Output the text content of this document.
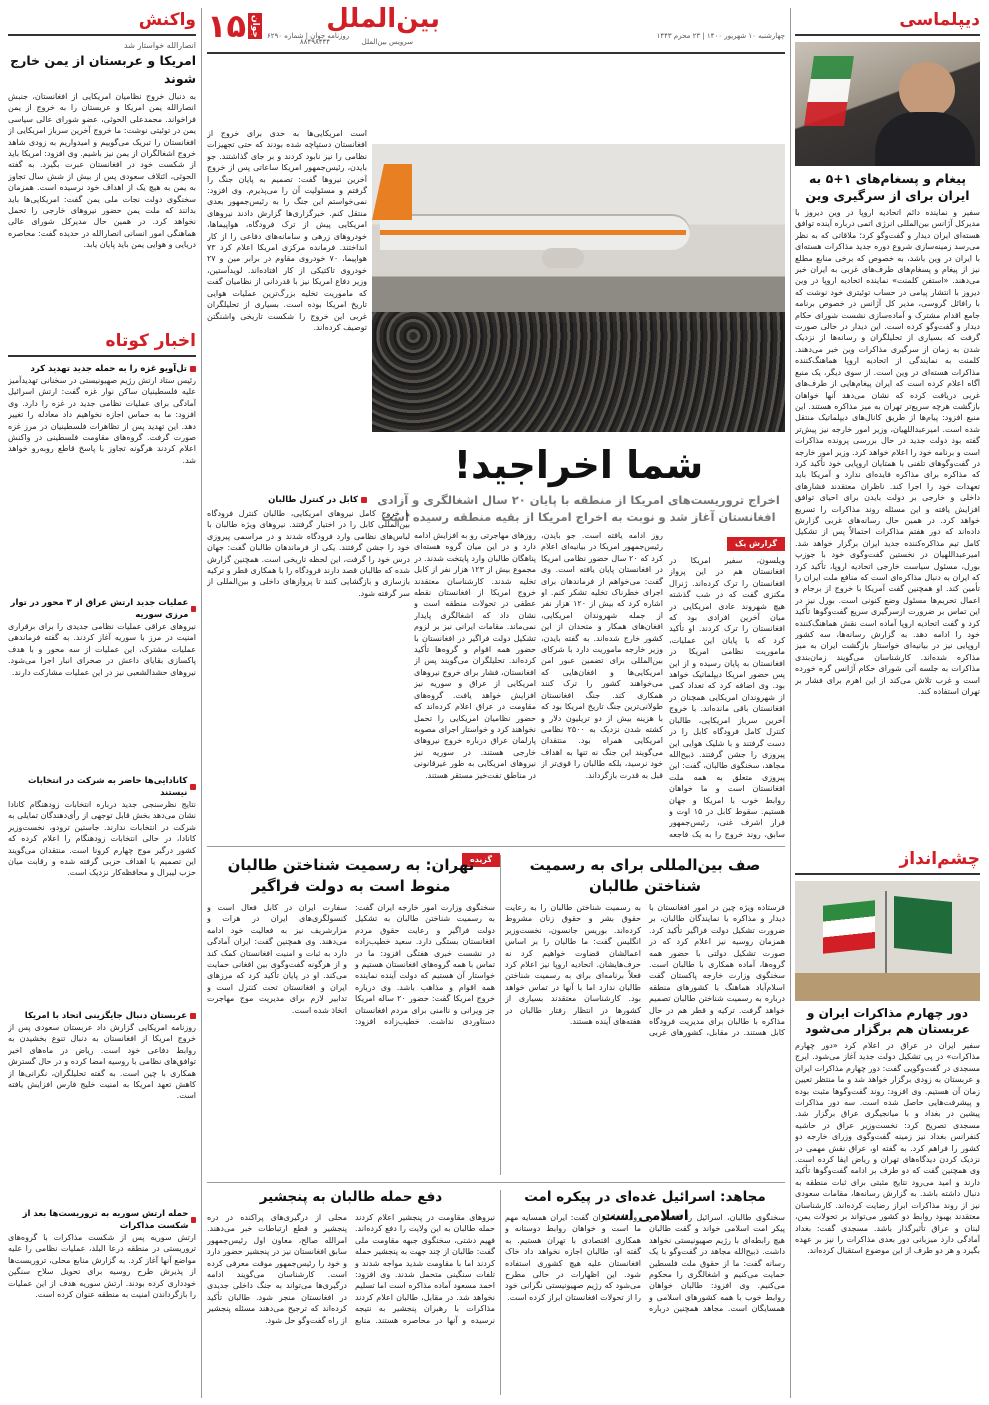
دیپلماسی
پیغام و پسغام‌های ۱+۵ به ایران برای از سرگیری وین
سفیر و نماینده دائم اتحادیه اروپا در وین دیروز با مدیرکل آژانس بین‌المللی انرژی اتمی درباره آینده توافق هسته‌ای ایران دیدار و گفت‌وگو کرد؛ ملاقاتی که به نظر می‌رسد زمینه‌سازی شروع دوره جدید مذاکرات هسته‌ای با ایران در وین باشد، به خصوص که برخی منابع مطلع نیز از پیغام و پسغام‌های طرف‌های غربی به ایران خبر می‌دهند. «استفن کلمنت» نماینده اتحادیه اروپا در وین دیروز با انتشار پیامی در حساب توئیتری خود نوشت که با رافائل گروسی، مدیر کل آژانس در خصوص برنامه جامع اقدام مشترک و آماده‌سازی نشست شورای حکام دیدار و گفت‌وگو کرده است. این دیدار در حالی صورت گرفت که بسیاری از تحلیلگران و رسانه‌ها از نزدیک شدن به زمان از سرگیری مذاکرات وین خبر می‌دهند. کلمنت به نمایندگی از اتحادیه اروپا هماهنگ‌کننده مذاکرات هسته‌ای در وین است. از سوی دیگر، یک منبع آگاه اعلام کرده است که ایران پیغام‌هایی از طرف‌های غربی دریافت کرده که نشان می‌دهد آنها خواهان بازگشت هرچه سریع‌تر تهران به میز مذاکره هستند. این منبع افزود: پیام‌ها از طریق کانال‌های دیپلماتیک منتقل شده است. امیرعبداللهیان، وزیر امور خارجه نیز پیش‌تر گفته بود دولت جدید در حال بررسی پرونده مذاکرات است و برنامه خود را اعلام خواهد کرد. وزیر امور خارجه در گفت‌وگوهای تلفنی با همتایان اروپایی خود تأکید کرد که مذاکره برای مذاکره فایده‌ای ندارد و آمریکا باید تعهدات خود را اجرا کند. ناظران معتقدند فشارهای داخلی و خارجی بر دولت بایدن برای احیای توافق افزایش یافته و این مسئله روند مذاکرات را تسریع خواهد کرد. در همین حال رسانه‌های غربی گزارش داده‌اند که دور هفتم مذاکرات احتمالاً پس از تشکیل کامل تیم مذاکره‌کننده جدید ایران برگزار خواهد شد. امیرعبداللهیان در نخستین گفت‌وگوی خود با جوزپ بورل، مسئول سیاست خارجی اتحادیه اروپا، تأکید کرد که ایران به دنبال مذاکره‌ای است که منافع ملت ایران را تأمین کند. او همچنین گفت آمریکا با خروج از برجام و اعمال تحریم‌ها مسئول وضع کنونی است. بورل نیز در این تماس بر ضرورت ازسرگیری سریع گفت‌وگوها تأکید کرد و گفت اتحادیه اروپا آماده است نقش هماهنگ‌کننده خود را ادامه دهد. به گزارش رسانه‌ها، سه کشور اروپایی نیز در بیانیه‌ای خواستار بازگشت ایران به میز مذاکره شده‌اند. کارشناسان می‌گویند زمان‌بندی مذاکرات به جلسه آتی شورای حکام آژانس گره خورده است و غرب تلاش می‌کند از این اهرم برای فشار بر تهران استفاده کند.
چشم‌انداز
دور چهارم مذاکرات ایران و عربستان هم برگزار می‌شود
سفیر ایران در عراق در اعلام کرد «دور چهارم مذاکرات» در پی تشکیل دولت جدید آغاز می‌شود. ایرج مسجدی در گفت‌وگویی گفت: دور چهارم مذاکرات ایران و عربستان به زودی برگزار خواهد شد و ما منتظر تعیین زمان آن هستیم. وی افزود: روند گفت‌وگوها مثبت بوده و پیشرفت‌هایی حاصل شده است. سه دور مذاکرات پیشین در بغداد و با میانجیگری عراق برگزار شد. مسجدی تصریح کرد: نخست‌وزیر عراق در حاشیه کنفرانس بغداد نیز زمینه گفت‌وگوی وزرای خارجه دو کشور را فراهم کرد. به گفته او، عراق نقش مهمی در نزدیک کردن دیدگاه‌های تهران و ریاض ایفا کرده است. وی همچنین گفت که دو طرف بر ادامه گفت‌وگوها تأکید دارند و امید می‌رود نتایج مثبتی برای ثبات منطقه به دنبال داشته باشد. به گزارش رسانه‌ها، مقامات سعودی نیز از روند مذاکرات ابراز رضایت کرده‌اند. کارشناسان معتقدند بهبود روابط دو کشور می‌تواند بر تحولات یمن، لبنان و عراق تأثیرگذار باشد. مسجدی گفت: بغداد آمادگی دارد میزبانی دور بعدی مذاکرات را نیز بر عهده بگیرد و هر دو طرف از این موضوع استقبال کرده‌اند.
بین‌الملل
سرویس بین‌الملل
۸۸۴۹۸۴۴۴
چهارشنبه ۱۰ شهریور ۱۴۰۰ | ۲۳ محرم ۱۴۴۳
روزنامه جوان | شماره ۶۲۹۰
۱۵ جوان
شما اخراجید!
اخراج تروریست‌های امریکا از منطقه با پایان ۲۰ سال اشغالگری و آزادی افغانستان آغاز شد و نوبت به اخراج امریکا از بقیه منطقه رسیده است
گزارش یک
ویلسون، سفیر امریکا در افغانستان هم در این پرواز افغانستان را ترک کرده‌اند. ژنرال مکنزی گفت که در شب گذشته هیچ شهروند عادی امریکایی در میان آخرین افرادی بود که افغانستان را ترک کردند. او تأکید کرد که با پایان این عملیات، ماموریت نظامی امریکا در افغانستان به پایان رسیده و از این پس حضور امریکا دیپلماتیک خواهد بود. وی اضافه کرد که تعداد کمی از شهروندان امریکایی همچنان در افغانستان باقی مانده‌اند. با خروج آخرین سرباز امریکایی، طالبان کنترل کامل فرودگاه کابل را در دست گرفتند و با شلیک هوایی این پیروزی را جشن گرفتند. ذبیح‌الله مجاهد، سخنگوی طالبان، گفت: این پیروزی متعلق به همه ملت افغانستان است و ما خواهان روابط خوب با امریکا و جهان هستیم. سقوط کابل در ۱۵ اوت و فرار اشرف غنی، رئیس‌جمهور سابق، روند خروج را به یک فاجعه
روز ادامه یافته است. جو بایدن، رئیس‌جمهور امریکا در بیانیه‌ای اعلام کرد که ۲۰ سال حضور نظامی امریکا در افغانستان پایان یافته است. وی گفت: می‌خواهم از فرماندهان برای اجرای خطرناک تخلیه تشکر کنم. او اشاره کرد که بیش از ۱۲۰ هزار نفر از جمله شهروندان امریکایی، افغان‌های همکار و متحدان از این کشور خارج شده‌اند. به گفته بایدن، وزیر خارجه ماموریت دارد با شرکای بین‌المللی برای تضمین عبور امن امریکایی‌ها و افغان‌هایی که می‌خواهند کشور را ترک کنند همکاری کند. جنگ افغانستان طولانی‌ترین جنگ تاریخ امریکا بود که با هزینه بیش از دو تریلیون دلار و کشته شدن نزدیک به ۲۵۰۰ نظامی امریکایی همراه بود. منتقدان می‌گویند این جنگ نه تنها به اهداف خود نرسید، بلکه طالبان را قوی‌تر از قبل به قدرت بازگرداند.
روزهای مهاجرتی رو به افزایش ادامه دارد و در این میان گروه هسته‌ای پناهگان طالبان وارد پایتخت شدند. در مجموع بیش از ۱۲۳ هزار نفر از کابل تخلیه شدند. کارشناسان معتقدند خروج امریکا از افغانستان نقطه عطفی در تحولات منطقه است و نشان داد که اشغالگری پایدار نمی‌ماند. مقامات ایرانی نیز بر لزوم تشکیل دولت فراگیر در افغانستان با حضور همه اقوام و گروه‌ها تأکید کرده‌اند. تحلیلگران می‌گویند پس از افغانستان، فشار برای خروج نیروهای امریکایی از عراق و سوریه نیز افزایش خواهد یافت. گروه‌های مقاومت در عراق اعلام کرده‌اند که حضور نظامیان امریکایی را تحمل نخواهند کرد و خواستار اجرای مصوبه پارلمان عراق درباره خروج نیروهای خارجی هستند. در سوریه نیز نیروهای امریکایی به طور غیرقانونی در مناطق نفت‌خیز مستقر هستند.
است امریکایی‌ها به حدی برای خروج از افغانستان دستپاچه شده بودند که حتی تجهیزات نظامی را نیز نابود کردند و بر جای گذاشتند. جو بایدن، رئیس‌جمهور امریکا ساعاتی پس از خروج آخرین نیروها گفت: تصمیم به پایان جنگ را گرفتم و مسئولیت آن را می‌پذیرم. وی افزود: نمی‌خواستم این جنگ را به رئیس‌جمهور بعدی منتقل کنم. خبرگزاری‌ها گزارش دادند نیروهای امریکایی پیش از ترک فرودگاه، هواپیماها، خودروهای زرهی و سامانه‌های دفاعی را از کار انداختند. فرمانده مرکزی امریکا اعلام کرد ۷۳ هواپیما، ۷۰ خودروی مقاوم در برابر مین و ۲۷ خودروی تاکتیکی از کار افتاده‌اند. لویدآستین، وزیر دفاع امریکا نیز با قدردانی از نظامیان گفت که ماموریت تخلیه بزرگ‌ترین عملیات هوایی تاریخ امریکا بوده است. بسیاری از تحلیلگران غربی این خروج را شکست تاریخی واشنگتن توصیف کرده‌اند.
کابل در کنترل طالبان
با خروج کامل نیروهای امریکایی، طالبان کنترل فرودگاه بین‌المللی کابل را در اختیار گرفتند. نیروهای ویژه طالبان با لباس‌های نظامی وارد فرودگاه شدند و در مراسمی پیروزی خود را جشن گرفتند. یکی از فرماندهان طالبان گفت: جهان درس خود را گرفت، این لحظه تاریخی است. همچنین گزارش شده که طالبان قصد دارند فرودگاه را با همکاری قطر و ترکیه بازسازی و بازگشایی کنند تا پروازهای داخلی و بین‌المللی از سر گرفته شود.
صف بین‌المللی برای به رسمیت شناختن طالبان
فرستاده ویژه چین در امور افغانستان با دیدار و مذاکره با نمایندگان طالبان، بر ضرورت تشکیل دولت فراگیر تأکید کرد. همزمان روسیه نیز اعلام کرد که در صورت تشکیل دولتی با حضور همه گروه‌ها، آماده همکاری با طالبان است. سخنگوی وزارت خارجه پاکستان گفت اسلام‌آباد هماهنگ با کشورهای منطقه درباره به رسمیت شناختن طالبان تصمیم خواهد گرفت. ترکیه و قطر هم در حال مذاکره با طالبان برای مدیریت فرودگاه کابل هستند. در مقابل، کشورهای غربی به رسمیت شناختن طالبان را به رعایت حقوق بشر و حقوق زنان مشروط کرده‌اند. بوریس جانسون، نخست‌وزیر انگلیس گفت: ما طالبان را بر اساس اعمالشان قضاوت خواهیم کرد نه حرف‌هایشان. اتحادیه اروپا نیز اعلام کرد فعلاً برنامه‌ای برای به رسمیت شناختن طالبان ندارد اما با آنها در تماس خواهد بود. کارشناسان معتقدند بسیاری از کشورها در انتظار رفتار طالبان در هفته‌های آینده هستند.
گزیده
تهران: به رسمیت شناختن طالبان منوط است به دولت فراگیر
سخنگوی وزارت امور خارجه ایران گفت: به رسمیت شناختن طالبان به تشکیل دولت فراگیر و رعایت حقوق مردم افغانستان بستگی دارد. سعید خطیب‌زاده در نشست خبری هفتگی افزود: ما در تماس با همه گروه‌های افغانستان هستیم و خواستار آن هستیم که دولت آینده نماینده همه اقوام و مذاهب باشد. وی درباره خروج امریکا گفت: حضور ۲۰ ساله امریکا جز ویرانی و ناامنی برای مردم افغانستان دستاوردی نداشت. خطیب‌زاده افزود: سفارت ایران در کابل فعال است و کنسولگری‌های ایران در هرات و مزارشریف نیز به فعالیت خود ادامه می‌دهند. وی همچنین گفت: ایران آمادگی دارد به ثبات و امنیت افغانستان کمک کند و از هرگونه گفت‌وگوی بین افغانی حمایت می‌کند. او در پایان تأکید کرد که مرزهای ایران و افغانستان تحت کنترل است و تدابیر لازم برای مدیریت موج مهاجرت اتخاذ شده است.
مجاهد: اسرائیل غده‌ای در پیکره امت اسلامی است
سخنگوی طالبان، اسرائیل را غده‌ای در پیکر امت اسلامی خواند و گفت طالبان هیچ رابطه‌ای با رژیم صهیونیستی نخواهد داشت. ذبیح‌الله مجاهد در گفت‌وگو با یک رسانه گفت: ما از حقوق ملت فلسطین حمایت می‌کنیم و اشغالگری را محکوم می‌کنیم. وی افزود: طالبان خواهان روابط خوب با همه کشورهای اسلامی و همسایگان است. مجاهد همچنین درباره روابط با ایران گفت: ایران همسایه مهم ما است و خواهان روابط دوستانه و همکاری اقتصادی با تهران هستیم. به گفته او، طالبان اجازه نخواهد داد خاک افغانستان علیه هیچ کشوری استفاده شود. این اظهارات در حالی مطرح می‌شود که رژیم صهیونیستی نگرانی خود را از تحولات افغانستان ابراز کرده است.
دفع حمله طالبان به پنجشیر
نیروهای مقاومت در پنجشیر اعلام کردند حمله طالبان به این ولایت را دفع کرده‌اند. فهیم دشتی، سخنگوی جبهه مقاومت ملی گفت: طالبان از چند جهت به پنجشیر حمله کردند اما با مقاومت شدید مواجه شدند و تلفات سنگینی متحمل شدند. وی افزود: احمد مسعود آماده مذاکره است اما تسلیم نخواهد شد. در مقابل، طالبان اعلام کردند مذاکرات با رهبران پنجشیر به نتیجه نرسیده و آنها در محاصره هستند. منابع محلی از درگیری‌های پراکنده در دره پنجشیر و قطع ارتباطات خبر می‌دهند. امرالله صالح، معاون اول رئیس‌جمهور سابق افغانستان نیز در پنجشیر حضور دارد و خود را رئیس‌جمهور موقت معرفی کرده است. کارشناسان می‌گویند ادامه درگیری‌ها می‌تواند به جنگ داخلی جدیدی در افغانستان منجر شود. طالبان تأکید کرده‌اند که ترجیح می‌دهند مسئله پنجشیر از راه گفت‌وگو حل شود.
واکنش
انصارالله خواستار شد
امریکا و عربستان از یمن خارج شوند
به دنبال خروج نظامیان امریکایی از افغانستان، جنبش انصارالله یمن امریکا و عربستان را به خروج از یمن فراخواند. محمدعلی الحوثی، عضو شورای عالی سیاسی یمن در توئیتی نوشت: ما خروج آخرین سرباز امریکایی از افغانستان را تبریک می‌گوییم و امیدواریم به زودی شاهد خروج اشغالگران از یمن نیز باشیم. وی افزود: امریکا باید از شکست خود در افغانستان عبرت بگیرد. به گفته الحوثی، ائتلاف سعودی پس از بیش از شش سال تجاوز به یمن به هیچ یک از اهداف خود نرسیده است. همزمان سخنگوی دولت نجات ملی یمن گفت: امریکایی‌ها باید بدانند که ملت یمن حضور نیروهای خارجی را تحمل نخواهد کرد. در همین حال مدیرکل شورای عالی هماهنگی امور انسانی انصارالله در حدیده گفت: محاصره دریایی و هوایی یمن باید پایان یابد.
اخبار کوتاه
تل‌آویو غزه را به حمله جدید تهدید کرد
رئیس ستاد ارتش رژیم صهیونیستی در سخنانی تهدیدآمیز علیه فلسطینیان ساکن نوار غزه گفت: ارتش اسرائیل آمادگی برای عملیات نظامی جدید در غزه را دارد. وی افزود: ما به حماس اجازه نخواهیم داد معادله را تغییر دهد. این تهدید پس از تظاهرات فلسطینیان در مرز غزه صورت گرفت. گروه‌های مقاومت فلسطینی در واکنش اعلام کردند هرگونه تجاوز با پاسخ قاطع روبه‌رو خواهد شد.
عملیات جدید ارتش عراق از ۳ محور در تو‌ار مرزی سوریه
نیروهای عراقی عملیات نظامی جدیدی را برای برقراری امنیت در مرز با سوریه آغاز کردند. به گفته فرماندهی عملیات مشترک، این عملیات از سه محور و با هدف پاکسازی بقایای داعش در صحرای انبار اجرا می‌شود. نیروهای حشدالشعبی نیز در این عملیات مشارکت دارند.
کانادایی‌ها حاضر به شرکت در انتخابات نیستند
نتایج نظرسنجی جدید درباره انتخابات زودهنگام کانادا نشان می‌دهد بخش قابل توجهی از رأی‌دهندگان تمایلی به شرکت در انتخابات ندارند. جاستین ترودو، نخست‌وزیر کانادا، در حالی انتخابات زودهنگام را اعلام کرده که کشور درگیر موج چهارم کرونا است. منتقدان می‌گویند این تصمیم با اهداف حزبی گرفته شده و رقابت میان حزب لیبرال و محافظه‌کار نزدیک است.
عربستان دنبال جایگزینی اتحاد با امریکا
روزنامه امریکایی گزارش داد عربستان سعودی پس از خروج امریکا از افغانستان به دنبال تنوع بخشیدن به روابط دفاعی خود است. ریاض در ماه‌های اخیر توافق‌های نظامی با روسیه امضا کرده و در حال گسترش همکاری با چین است. به گفته تحلیلگران، نگرانی‌ها از کاهش تعهد امریکا به امنیت خلیج فارس افزایش یافته است.
حمله ارتش سوریه به تروریست‌ها بعد از شکست مذاکرات
ارتش سوریه پس از شکست مذاکرات با گروه‌های تروریستی در منطقه درعا البلد، عملیات نظامی را علیه مواضع آنها آغاز کرد. به گزارش منابع محلی، تروریست‌ها از پذیرش طرح روسیه برای تحویل سلاح سنگین خودداری کرده بودند. ارتش سوریه هدف از این عملیات را بازگرداندن امنیت به منطقه عنوان کرده است.
